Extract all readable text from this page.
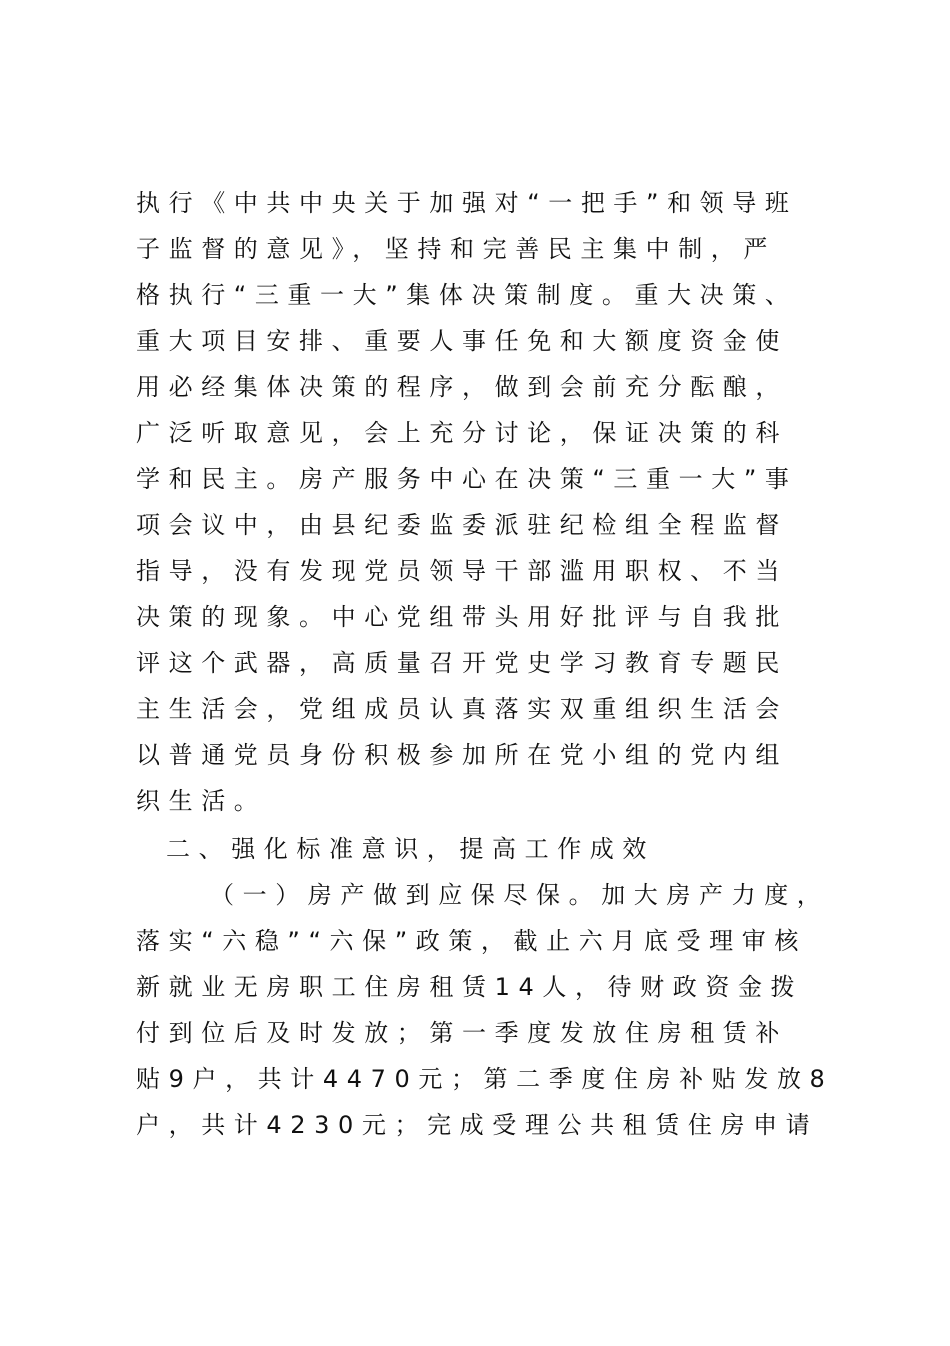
执行《中共中央关于加强对“一把手”和领导班
子监督的意见》，坚持和完善民主集中制，严
格执行“三重一大”集体决策制度。重大决策、
重大项目安排、重要人事任免和大额度资金使
用必经集体决策的程序，做到会前充分酝酿，
广泛听取意见，会上充分讨论，保证决策的科
学和民主。房产服务中心在决策“三重一大”事
项会议中，由县纪委监委派驻纪检组全程监督
指导，没有发现党员领导干部滥用职权、不当
决策的现象。中心党组带头用好批评与自我批
评这个武器，高质量召开党史学习教育专题民
主生活会，党组成员认真落实双重组织生活会
以普通党员身份积极参加所在党小组的党内组
织生活。
二、强化标准意识，提高工作成效
（一）房产做到应保尽保。加大房产力度，
落实“六稳”“六保”政策，截止六月底受理审核
新就业无房职工住房租赁14人，待财政资金拨
付到位后及时发放；第一季度发放住房租赁补
贴9户，共计4470元；第二季度住房补贴发放8
户，共计4230元；完成受理公共租赁住房申请
